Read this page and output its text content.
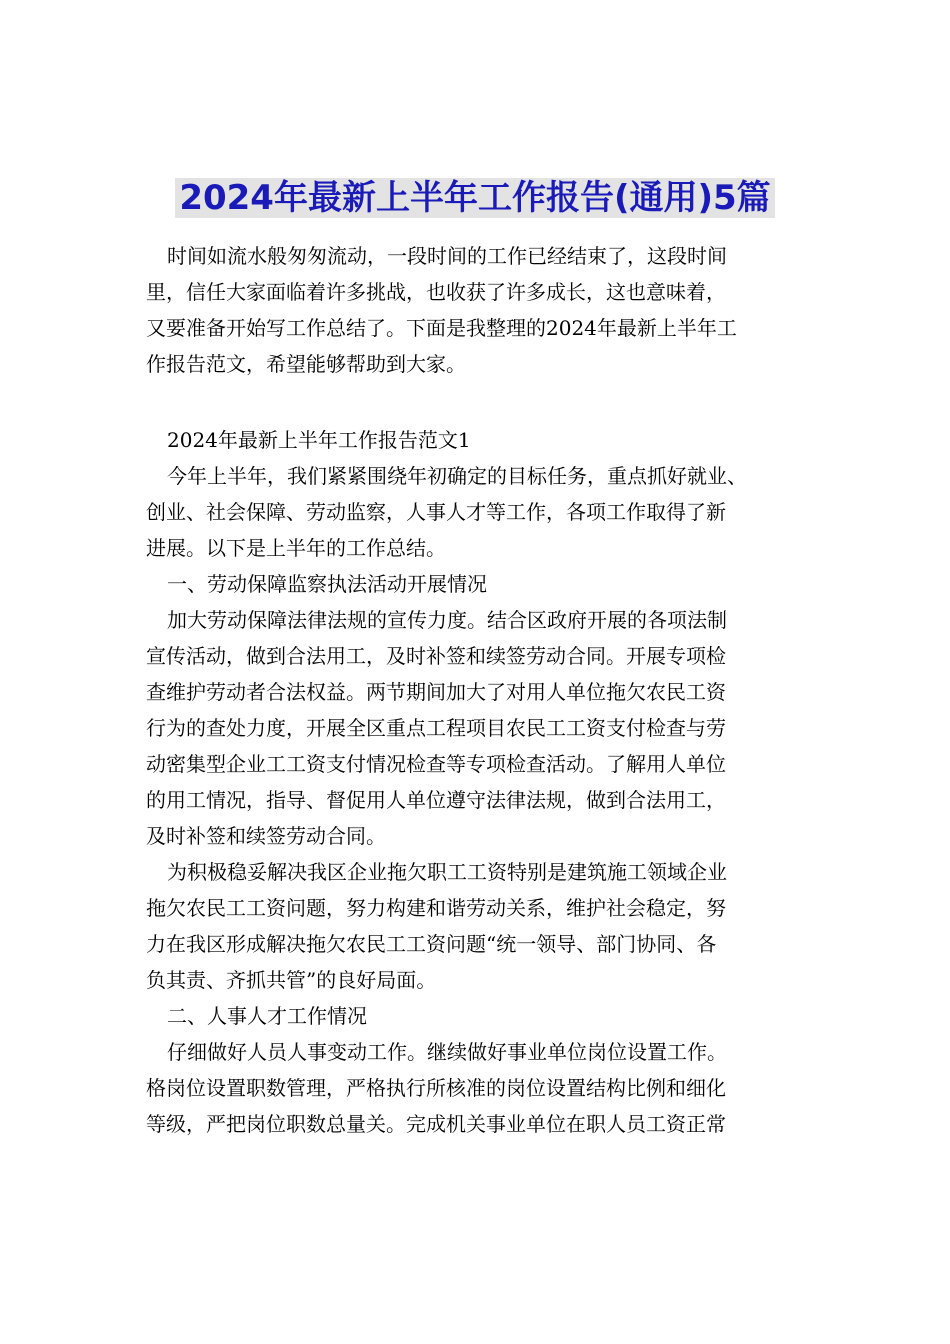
2024年最新上半年工作报告(通用)5篇

时间如流水般匆匆流动，一段时间的工作已经结束了，这段时间
里，信任大家面临着许多挑战，也收获了许多成长，这也意味着，
又要准备开始写工作总结了。下面是我整理的2024年最新上半年工
作报告范文，希望能够帮助到大家。

2024年最新上半年工作报告范文1

今年上半年，我们紧紧围绕年初确定的目标任务，重点抓好就业、
创业、社会保障、劳动监察，人事人才等工作，各项工作取得了新
进展。以下是上半年的工作总结。

一、劳动保障监察执法活动开展情况

加大劳动保障法律法规的宣传力度。结合区政府开展的各项法制
宣传活动，做到合法用工，及时补签和续签劳动合同。开展专项检
查维护劳动者合法权益。两节期间加大了对用人单位拖欠农民工资
行为的查处力度，开展全区重点工程项目农民工工资支付检查与劳
动密集型企业工工资支付情况检查等专项检查活动。了解用人单位
的用工情况，指导、督促用人单位遵守法律法规，做到合法用工，
及时补签和续签劳动合同。

为积极稳妥解决我区企业拖欠职工工资特别是建筑施工领域企业
拖欠农民工工资问题，努力构建和谐劳动关系，维护社会稳定，努
力在我区形成解决拖欠农民工工资问题“统一领导、部门协同、各
负其责、齐抓共管”的良好局面。

二、人事人才工作情况

仔细做好人员人事变动工作。继续做好事业单位岗位设置工作。
格岗位设置职数管理，严格执行所核准的岗位设置结构比例和细化
等级，严把岗位职数总量关。完成机关事业单位在职人员工资正常
